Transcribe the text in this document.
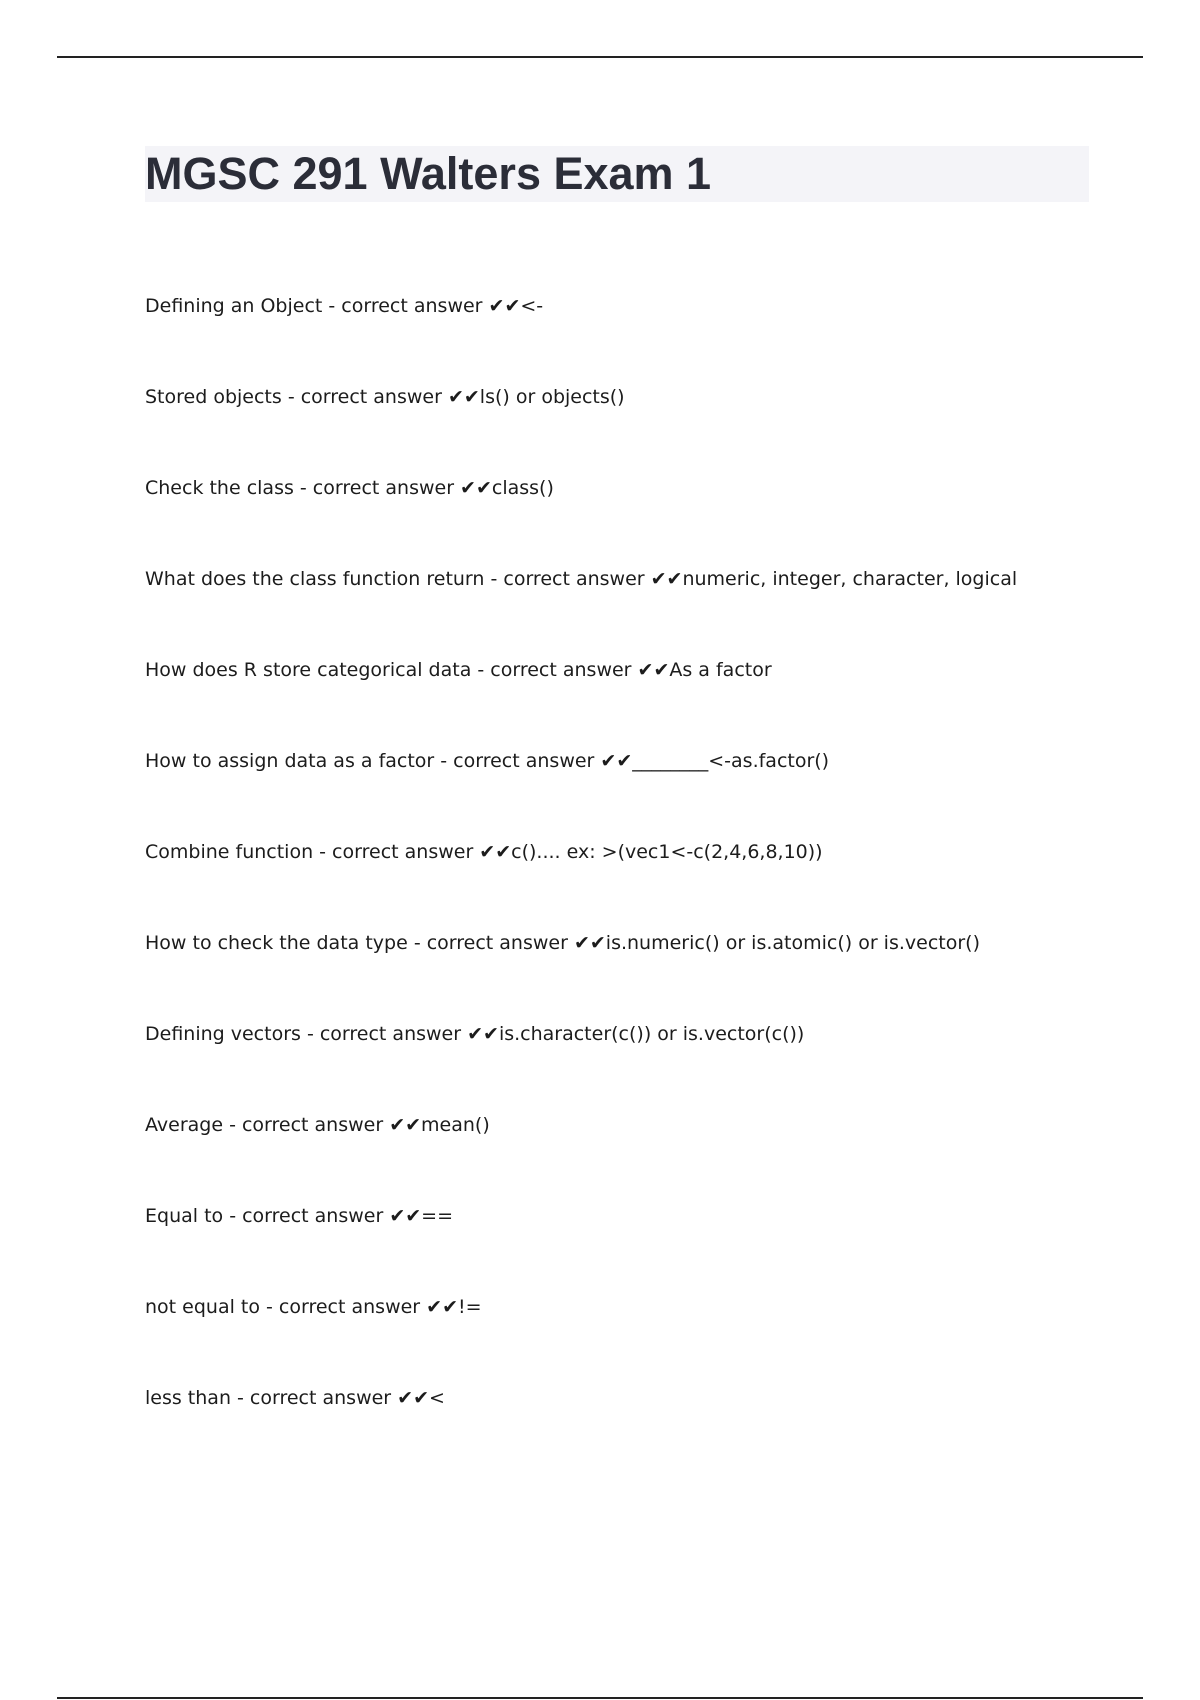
MGSC 291 Walters Exam 1
Defining an Object - correct answer ✔✔<-
Stored objects - correct answer ✔✔ls() or objects()
Check the class - correct answer ✔✔class()
What does the class function return - correct answer ✔✔numeric, integer, character, logical
How does R store categorical data - correct answer ✔✔As a factor
How to assign data as a factor - correct answer ✔✔________<-as.factor()
Combine function - correct answer ✔✔c().... ex: >(vec1<-c(2,4,6,8,10))
How to check the data type - correct answer ✔✔is.numeric() or is.atomic() or is.vector()
Defining vectors - correct answer ✔✔is.character(c()) or is.vector(c())
Average - correct answer ✔✔mean()
Equal to - correct answer ✔✔==
not equal to - correct answer ✔✔!=
less than - correct answer ✔✔<
